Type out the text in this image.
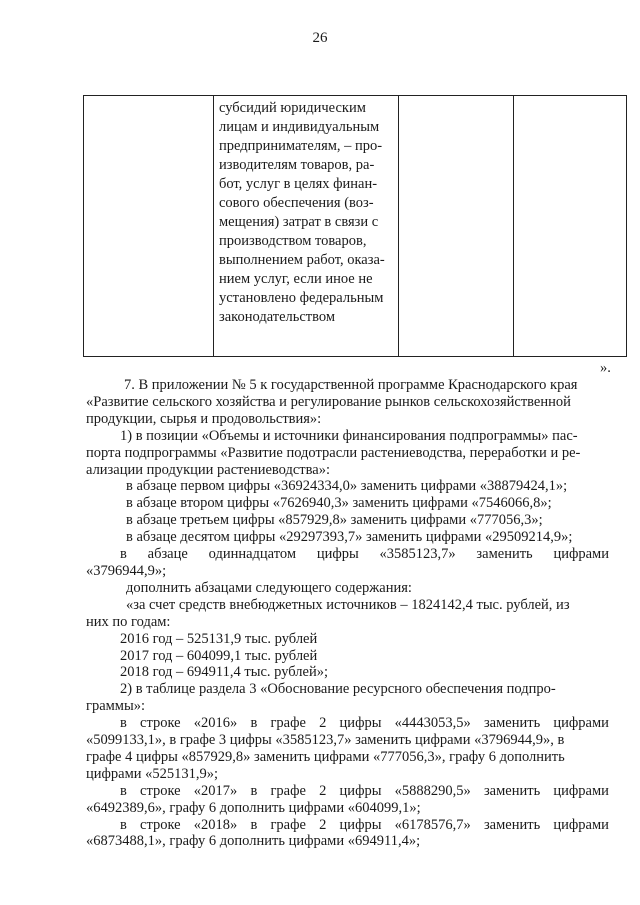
26
субсидий юридическим
лицам и индивидуальным
предпринимателям, – про-
изводителям товаров, ра-
бот, услуг в целях финан-
сового обеспечения (воз-
мещения) затрат в связи с
производством товаров,
выполнением работ, оказа-
нием услуг, если иное не
установлено федеральным
законодательством
».
7. В приложении № 5 к государственной программе Краснодарского края
«Развитие сельского хозяйства и регулирование рынков сельскохозяйственной
продукции, сырья и продовольствия»:
1) в позиции «Объемы и источники финансирования подпрограммы» пас-
порта подпрограммы «Развитие подотрасли растениеводства, переработки и ре-
ализации продукции растениеводства»:
в абзаце первом цифры «36924334,0» заменить цифрами «38879424,1»;
в абзаце втором цифры «7626940,3» заменить цифрами «7546066,8»;
в абзаце третьем цифры «857929,8» заменить цифрами «777056,3»;
в абзаце десятом цифры «29297393,7» заменить цифрами «29509214,9»;
в абзаце одиннадцатом цифры «3585123,7» заменить цифрами
«3796944,9»;
дополнить абзацами следующего содержания:
«за счет средств внебюджетных источников – 1824142,4 тыс. рублей, из
них по годам:
2016 год – 525131,9 тыс. рублей
2017 год – 604099,1 тыс. рублей
2018 год – 694911,4 тыс. рублей»;
2) в таблице раздела 3 «Обоснование ресурсного обеспечения подпро-
граммы»:
в строке «2016» в графе 2 цифры «4443053,5» заменить цифрами
«5099133,1», в графе 3 цифры «3585123,7» заменить цифрами «3796944,9», в
графе 4 цифры «857929,8» заменить цифрами «777056,3», графу 6 дополнить
цифрами «525131,9»;
в строке «2017» в графе 2 цифры «5888290,5» заменить цифрами
«6492389,6», графу 6 дополнить цифрами «604099,1»;
в строке «2018» в графе 2 цифры «6178576,7» заменить цифрами
«6873488,1», графу 6 дополнить цифрами «694911,4»;
